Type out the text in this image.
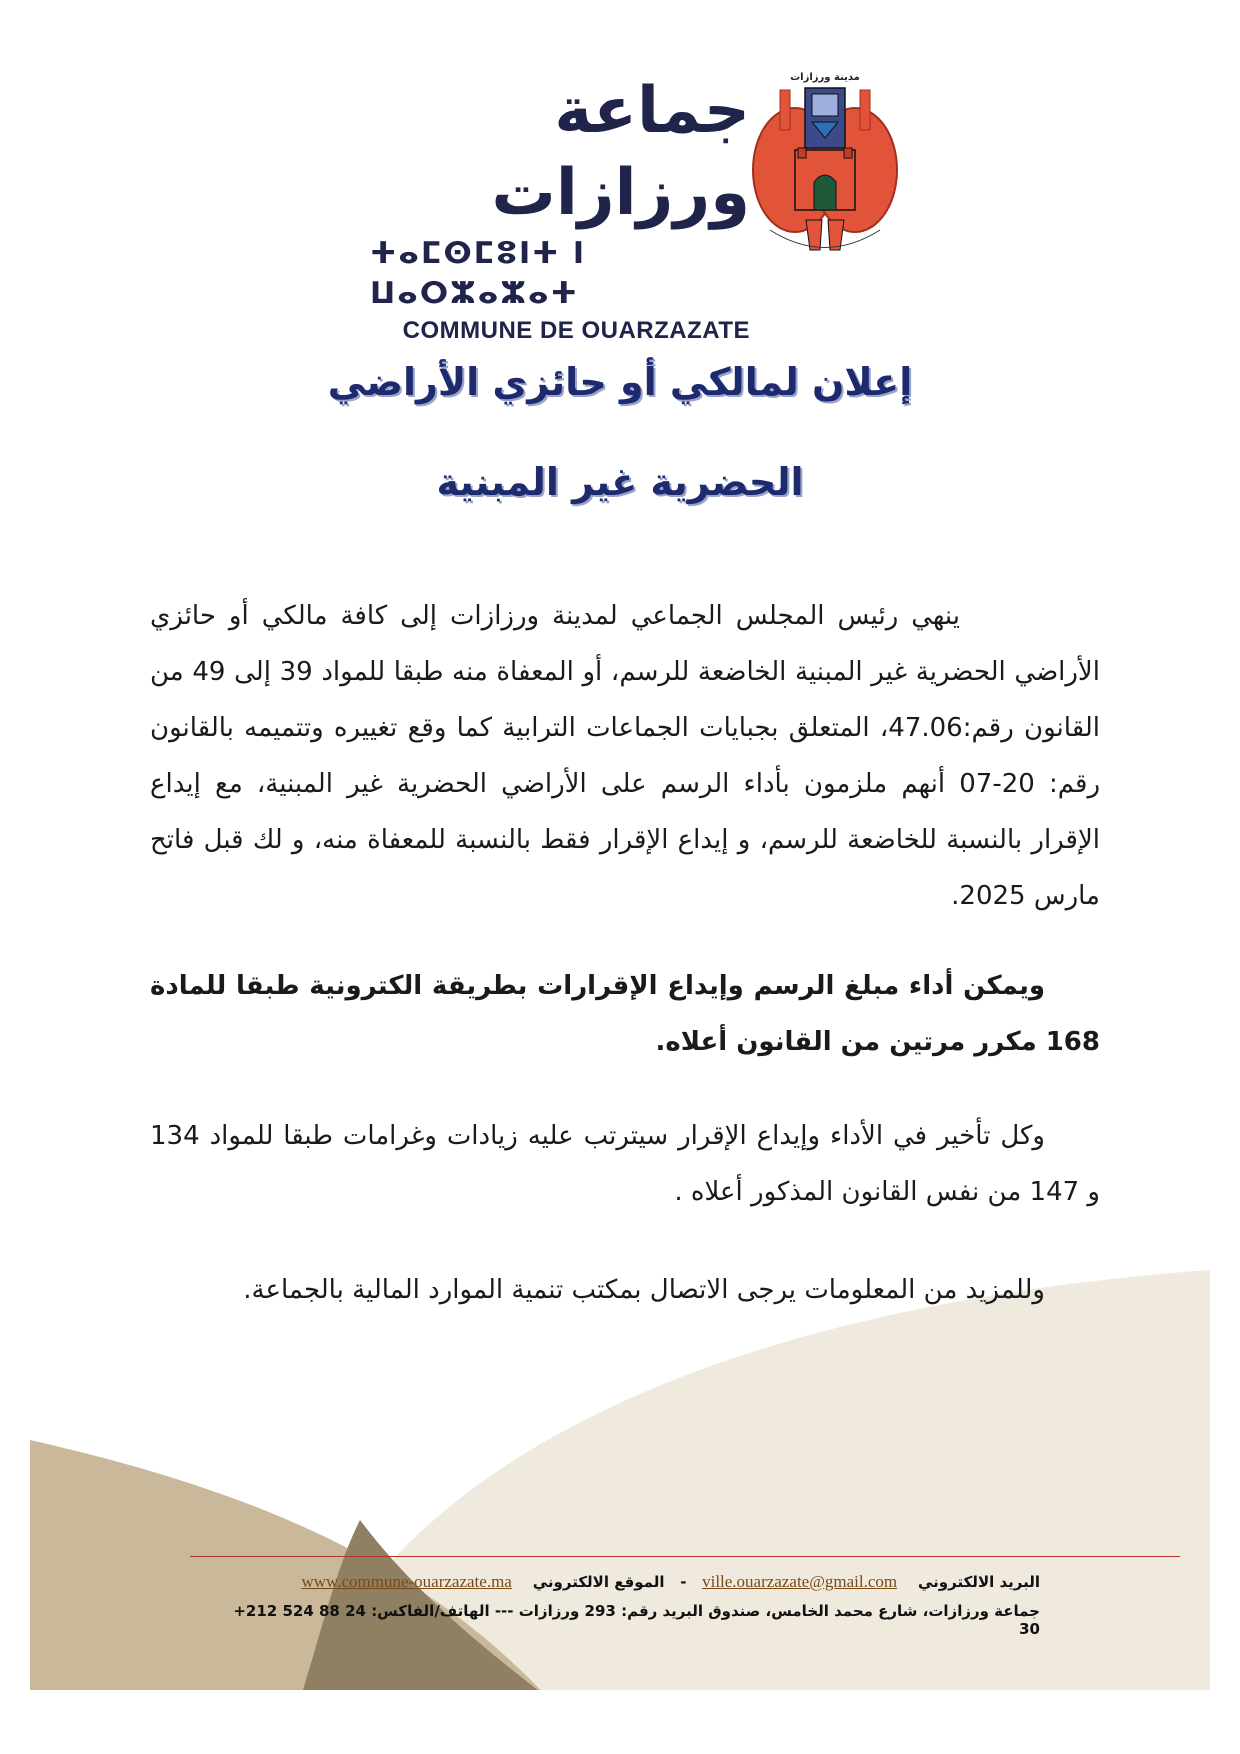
جماعة ورزازات
ⵜⴰⵎⵙⵎⵓⵏⵜ ⵏ ⵡⴰⵔⵣⴰⵣⴰⵜ
COMMUNE DE OUARZAZATE
مدينة ورزازات
إعلان لمالكي أو حائزي الأراضي
الحضرية غير المبنية
ينهي رئيس المجلس الجماعي لمدينة ورزازات إلى كافة مالكي أو حائزي الأراضي الحضرية غير المبنية الخاضعة للرسم، أو المعفاة منه طبقا للمواد 39 إلى 49 من القانون رقم:47.06، المتعلق بجبايات الجماعات الترابية كما وقع تغييره وتتميمه بالقانون رقم: 20-07 أنهم ملزمون بأداء الرسم على الأراضي الحضرية غير المبنية، مع إيداع الإقرار بالنسبة للخاضعة للرسم، و إيداع الإقرار فقط بالنسبة للمعفاة منه، و لك قبل فاتح مارس 2025.
ويمكن أداء مبلغ الرسم وإيداع الإقرارات بطريقة الكترونية طبقا للمادة 168 مكرر مرتين من القانون أعلاه.
وكل تأخير في الأداء وإيداع الإقرار سيترتب عليه زيادات وغرامات طبقا للمواد 134 و 147 من نفس القانون المذكور أعلاه .
وللمزيد من المعلومات يرجى الاتصال بمكتب تنمية الموارد المالية بالجماعة.
البريد الالكتروني    ville.ouarzazate@gmail.com   -   الموقع الالكتروني    www.commune-ouarzazate.ma
جماعة ورزازات، شارع محمد الخامس، صندوق البريد رقم: 293 ورزازات --- الهاتف/الفاكس: +212 524 88 24 30
